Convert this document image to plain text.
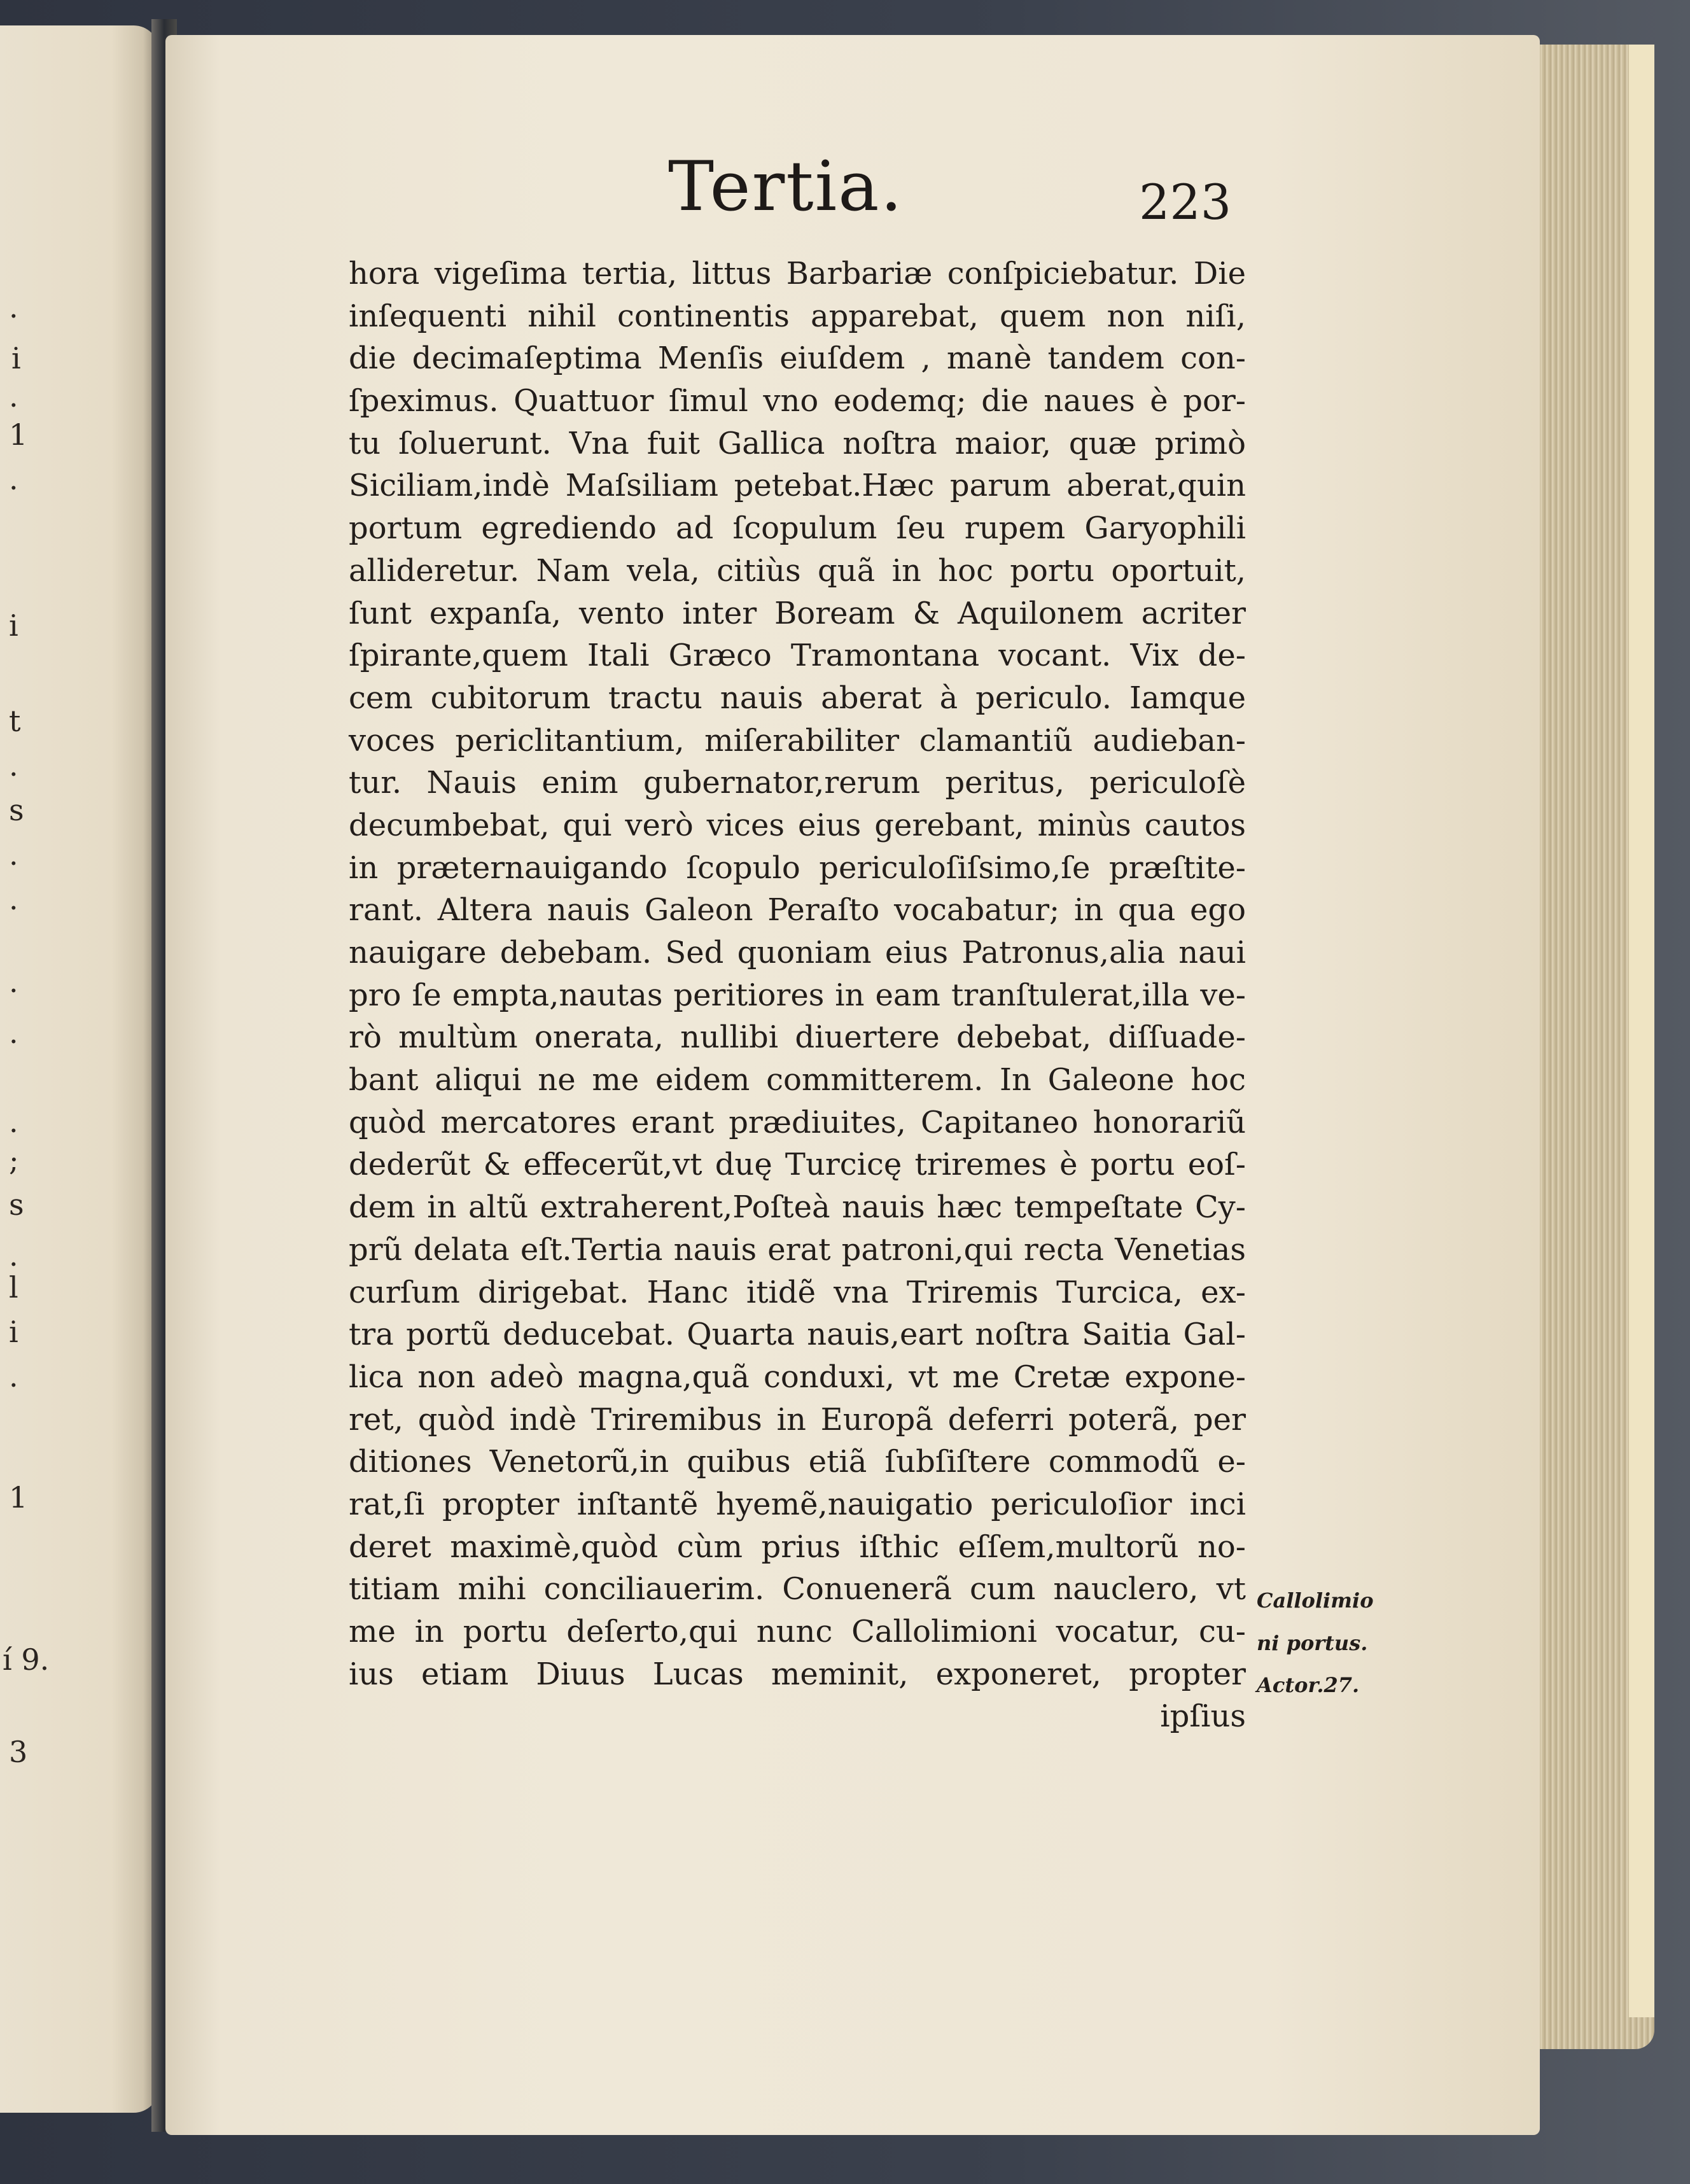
.
i
.
1
.
i
t
.
s
.
.
.
.
.
;
s
.
l
i
.
1
í 9.
3
Tertia.	223
hora vigeſima tertia, littus Barbariæ conſpiciebatur. Die
inſequenti nihil continentis apparebat, quem non niſi,
die decimaſeptima Menſis eiuſdem , manè tandem con-
ſpeximus. Quattuor ſimul vno eodemq; die naues è por-
tu ſoluerunt. Vna fuit Gallica noſtra maior, quæ primò
Siciliam,indè Maſsiliam petebat.Hæc parum aberat,quin
portum egrediendo ad ſcopulum ſeu rupem Garyophili
allideretur. Nam vela, citiùs quã in hoc portu oportuit,
ſunt expanſa, vento inter Boream & Aquilonem acriter
ſpirante,quem Itali Græco Tramontana vocant. Vix de-
cem cubitorum tractu nauis aberat à periculo. Iamque
voces periclitantium, miſerabiliter clamantiũ audieban-
tur. Nauis enim gubernator,rerum peritus, periculoſè
decumbebat, qui verò vices eius gerebant, minùs cautos
in præternauigando ſcopulo periculoſiſsimo,ſe præſtite-
rant. Altera nauis Galeon Peraſto vocabatur; in qua ego
nauigare debebam. Sed quoniam eius Patronus,alia naui
pro ſe empta,nautas peritiores in eam tranſtulerat,illa ve-
rò multùm onerata, nullibi diuertere debebat, diſſuade-
bant aliqui ne me eidem committerem. In Galeone hoc
quòd mercatores erant prædiuites, Capitaneo honorariũ
dederũt & effecerũt,vt duę Turcicę triremes è portu eoſ-
dem in altũ extraherent,Poſteà nauis hæc tempeſtate Cy-
prũ delata eſt.Tertia nauis erat patroni,qui recta Venetias
curſum dirigebat. Hanc itidẽ vna Triremis Turcica, ex-
tra portũ deducebat. Quarta nauis,eart noſtra Saitia Gal-
lica non adeò magna,quã conduxi, vt me Cretæ expone-
ret, quòd indè Triremibus in Europã deferri poterã, per
ditiones Venetorũ,in quibus etiã ſubſiſtere commodũ e-
rat,ſi propter inſtantẽ hyemẽ,nauigatio periculoſior inci
deret maximè,quòd cùm prius iſthic eſſem,multorũ no-
titiam mihi conciliauerim. Conuenerã cum nauclero, vt
me in portu deſerto,qui nunc Callolimioni vocatur, cu-
ius etiam Diuus Lucas meminit, exponeret, propter
ipſius
Callolimio
ni portus.
Actor.27.
